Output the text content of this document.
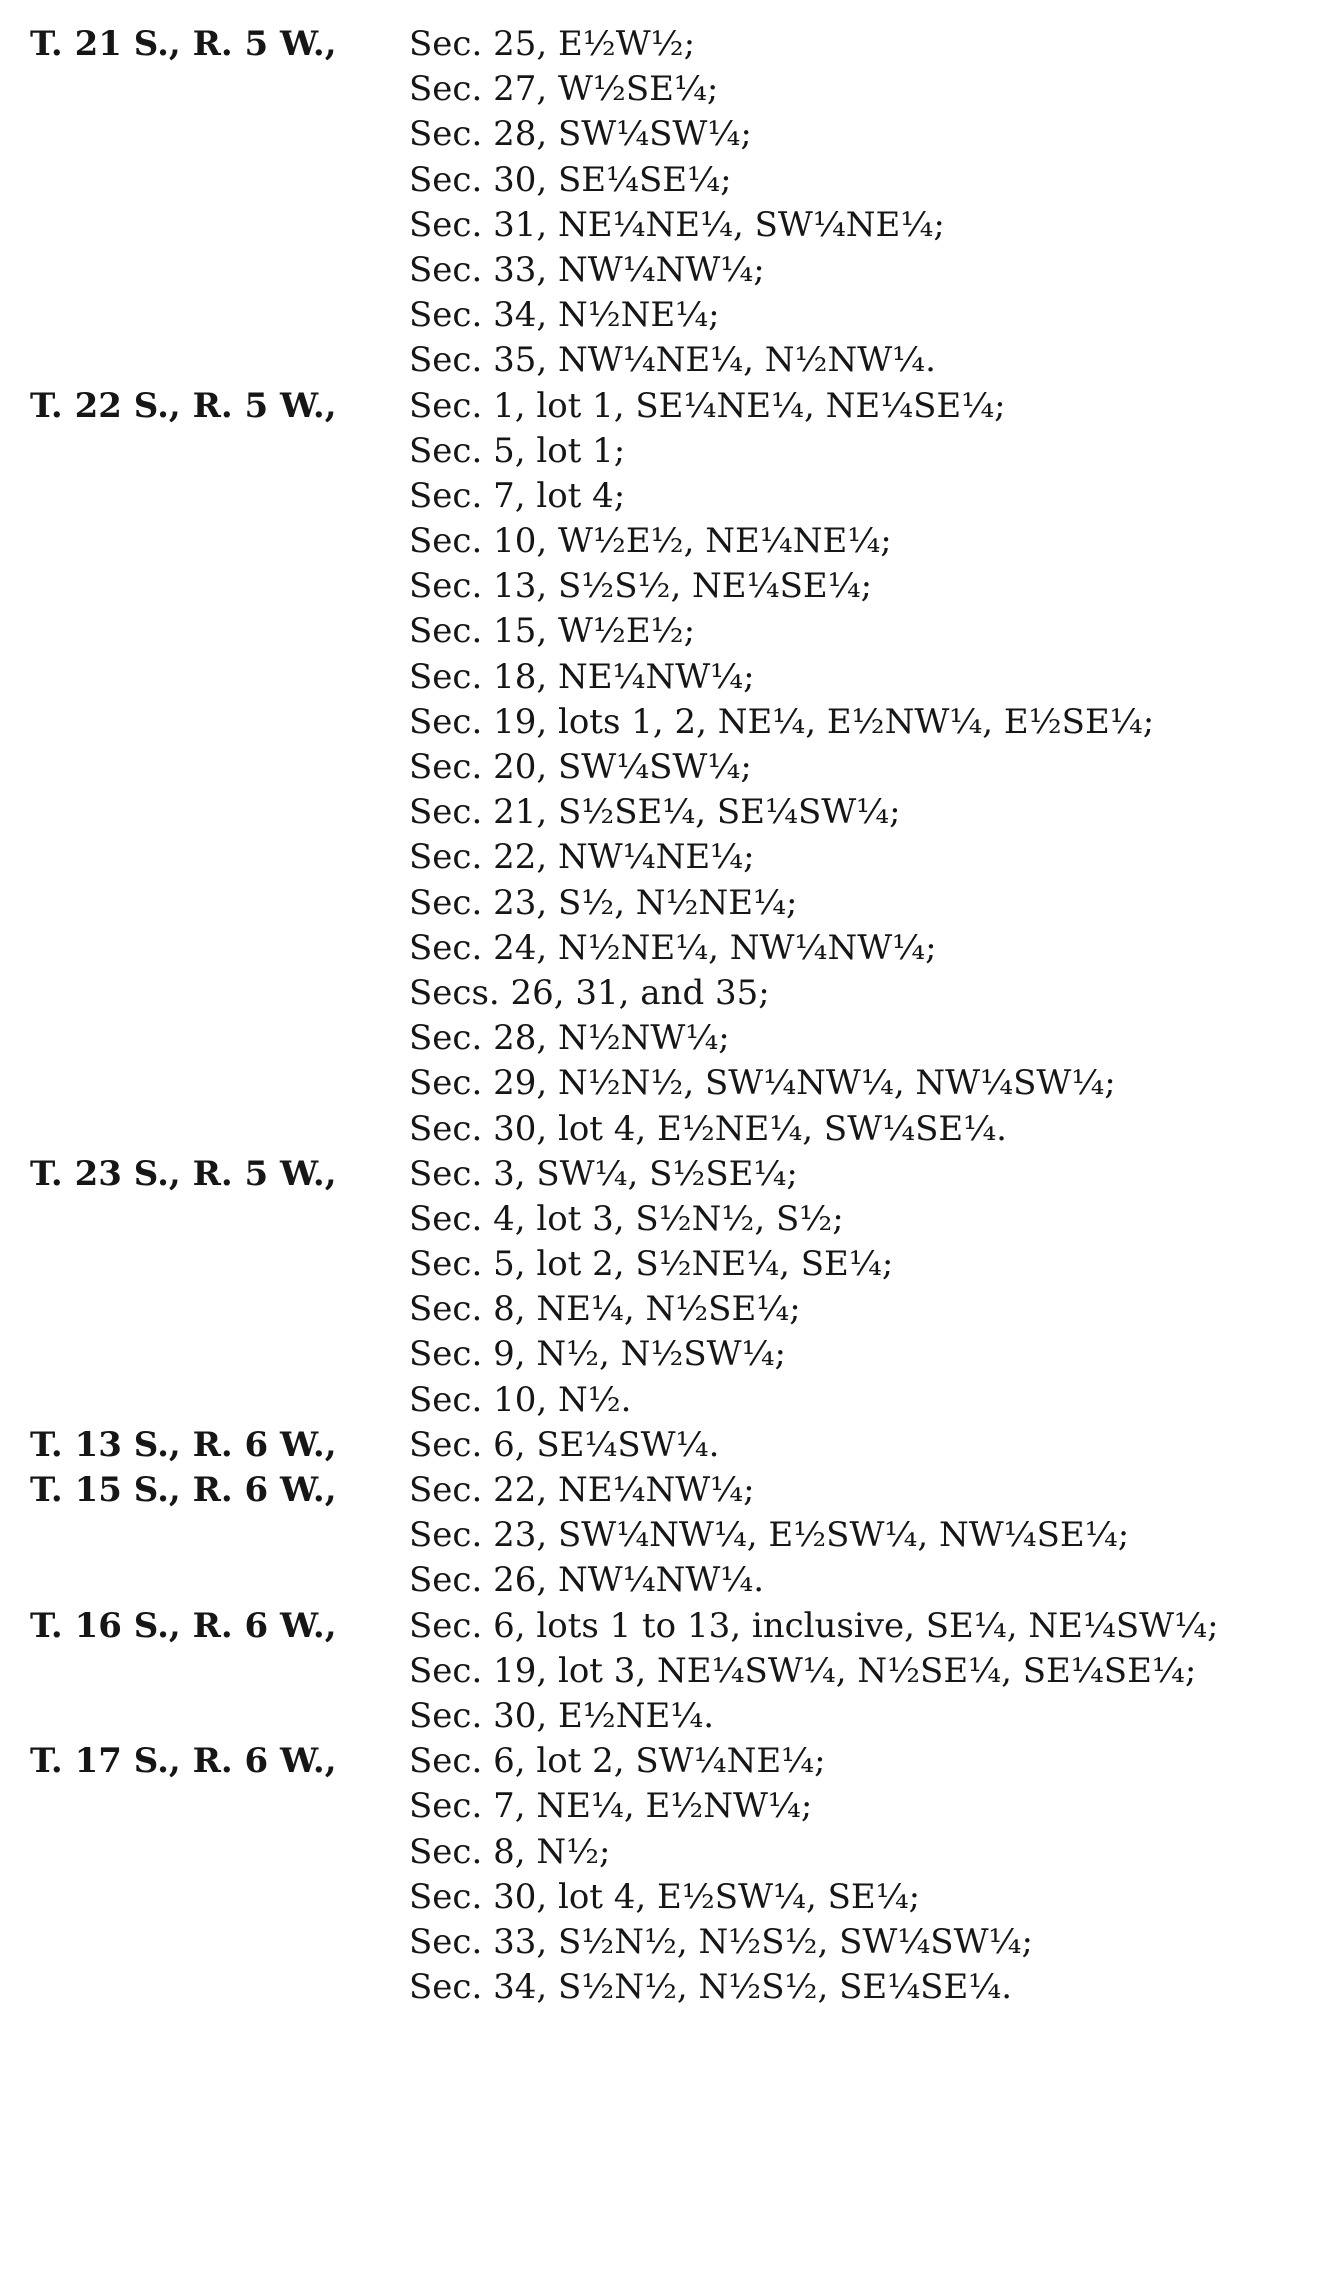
T. 21 S., R. 5 W., Sec. 25, E½W½;
Sec. 27, W½SE¼;
Sec. 28, SW¼SW¼;
Sec. 30, SE¼SE¼;
Sec. 31, NE¼NE¼, SW¼NE¼;
Sec. 33, NW¼NW¼;
Sec. 34, N½NE¼;
Sec. 35, NW¼NE¼, N½NW¼.
T. 22 S., R. 5 W., Sec. 1, lot 1, SE¼NE¼, NE¼SE¼;
Sec. 5, lot 1;
Sec. 7, lot 4;
Sec. 10, W½E½, NE¼NE¼;
Sec. 13, S½S½, NE¼SE¼;
Sec. 15, W½E½;
Sec. 18, NE¼NW¼;
Sec. 19, lots 1, 2, NE¼, E½NW¼, E½SE¼;
Sec. 20, SW¼SW¼;
Sec. 21, S½SE¼, SE¼SW¼;
Sec. 22, NW¼NE¼;
Sec. 23, S½, N½NE¼;
Sec. 24, N½NE¼, NW¼NW¼;
Secs. 26, 31, and 35;
Sec. 28, N½NW¼;
Sec. 29, N½N½, SW¼NW¼, NW¼SW¼;
Sec. 30, lot 4, E½NE¼, SW¼SE¼.
T. 23 S., R. 5 W., Sec. 3, SW¼, S½SE¼;
Sec. 4, lot 3, S½N½, S½;
Sec. 5, lot 2, S½NE¼, SE¼;
Sec. 8, NE¼, N½SE¼;
Sec. 9, N½, N½SW¼;
Sec. 10, N½.
T. 13 S., R. 6 W., Sec. 6, SE¼SW¼.
T. 15 S., R. 6 W., Sec. 22, NE¼NW¼;
Sec. 23, SW¼NW¼, E½SW¼, NW¼SE¼;
Sec. 26, NW¼NW¼.
T. 16 S., R. 6 W., Sec. 6, lots 1 to 13, inclusive, SE¼, NE¼SW¼;
Sec. 19, lot 3, NE¼SW¼, N½SE¼, SE¼SE¼;
Sec. 30, E½NE¼.
T. 17 S., R. 6 W., Sec. 6, lot 2, SW¼NE¼;
Sec. 7, NE¼, E½NW¼;
Sec. 8, N½;
Sec. 30, lot 4, E½SW¼, SE¼;
Sec. 33, S½N½, N½S½, SW¼SW¼;
Sec. 34, S½N½, N½S½, SE¼SE¼.
